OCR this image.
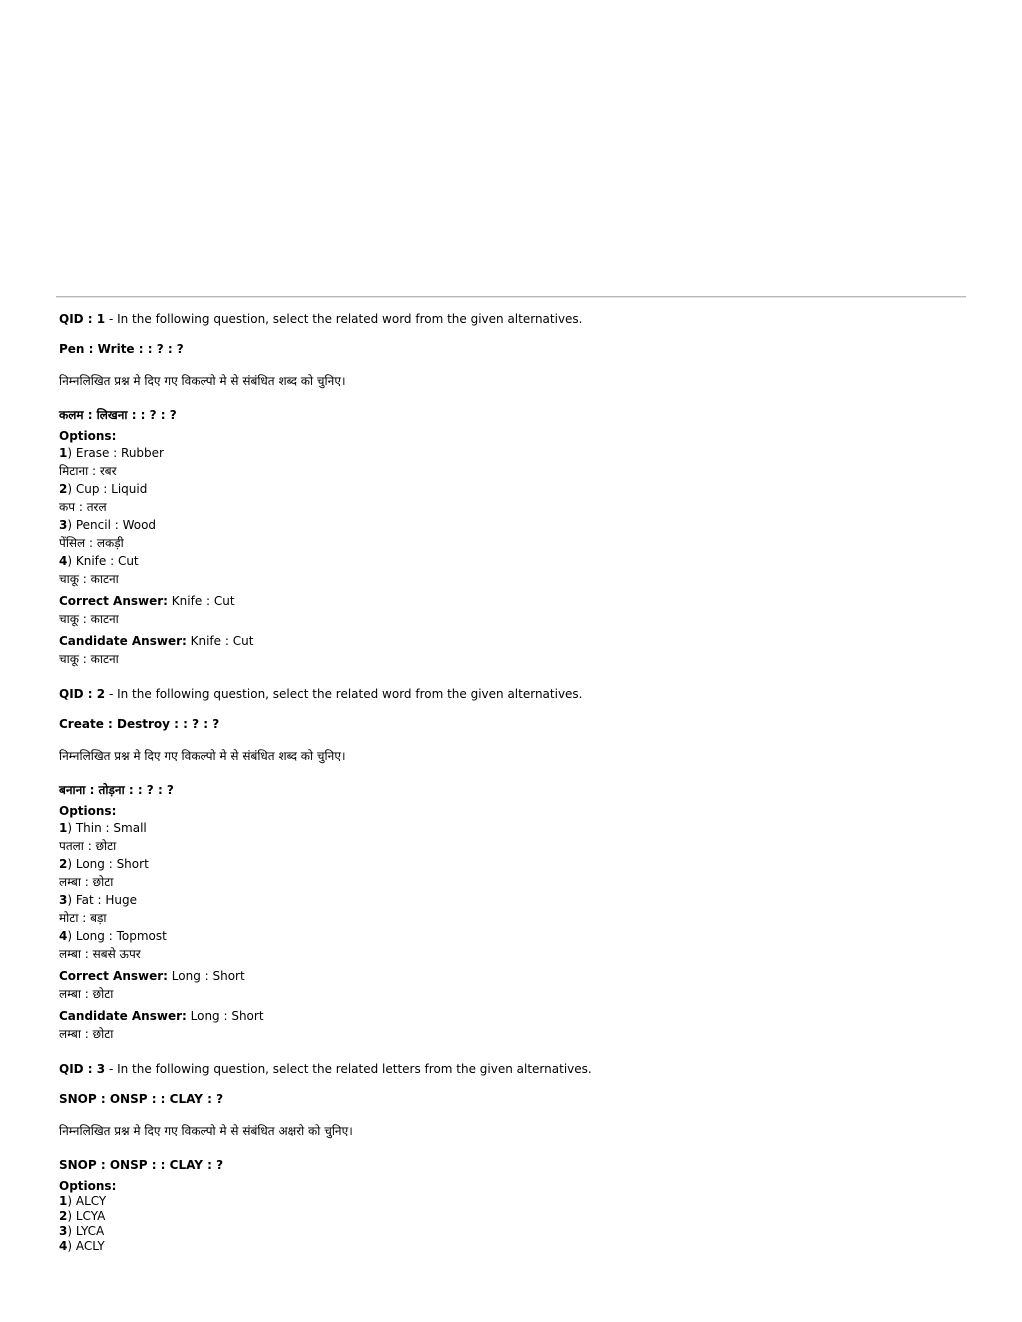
QID : 1 - In the following question, select the related word from the given alternatives.
Pen : Write : : ? : ?
निम्नलिखित प्रश्न मे दिए गए विकल्पो मे से संबंधित शब्द को चुनिए।
कलम : लिखना : : ? : ?
Options:
1) Erase : Rubber
मिटाना : रबर
2) Cup : Liquid
कप : तरल
3) Pencil : Wood
पेंसिल : लकड़ी
4) Knife : Cut
चाकू : काटना
Correct Answer: Knife : Cut
चाकू : काटना
Candidate Answer: Knife : Cut
चाकू : काटना
QID : 2 - In the following question, select the related word from the given alternatives.
Create : Destroy : : ? : ?
निम्नलिखित प्रश्न मे दिए गए विकल्पो मे से संबंधित शब्द को चुनिए।
बनाना : तोड़ना : : ? : ?
Options:
1) Thin : Small
पतला : छोटा
2) Long : Short
लम्बा : छोटा
3) Fat : Huge
मोटा : बड़ा
4) Long : Topmost
लम्बा : सबसे ऊपर
Correct Answer: Long : Short
लम्बा : छोटा
Candidate Answer: Long : Short
लम्बा : छोटा
QID : 3 - In the following question, select the related letters from the given alternatives.
SNOP : ONSP : : CLAY : ?
निम्नलिखित प्रश्न मे दिए गए विकल्पो मे से संबंधित अक्षरो को चुनिए।
SNOP : ONSP : : CLAY : ?
Options:
1) ALCY
2) LCYA
3) LYCA
4) ACLY
